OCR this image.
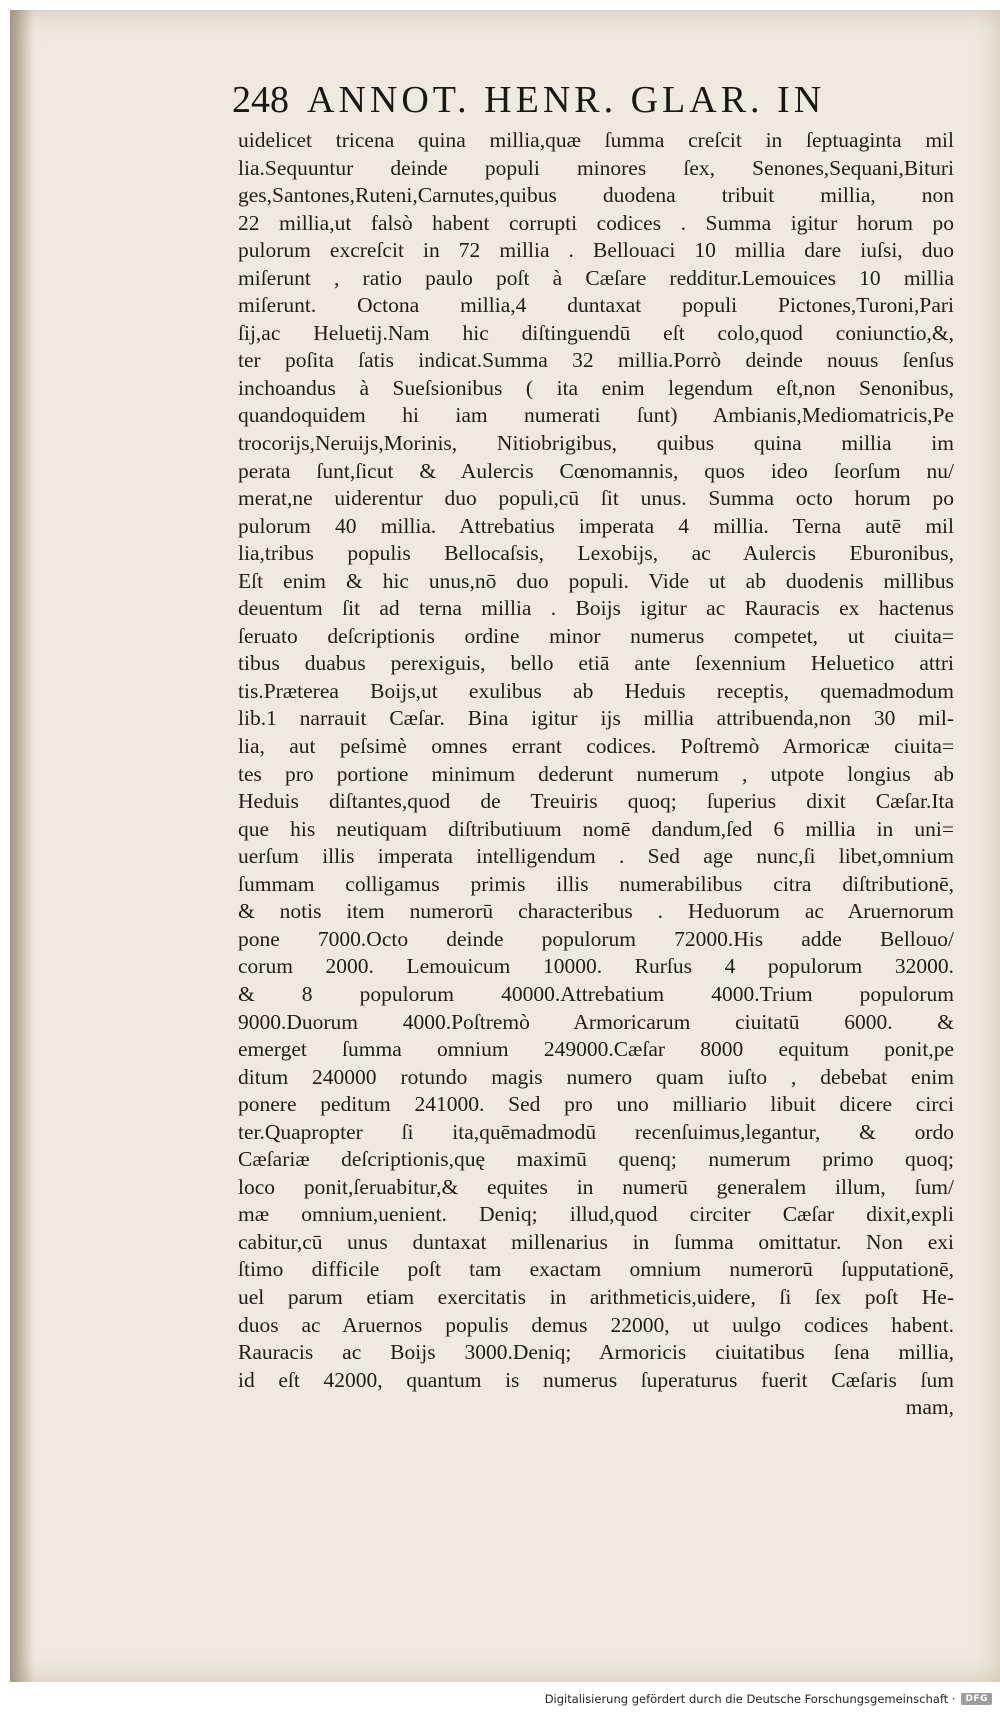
248 ANNOT. HENR. GLAR. IN
uidelicet tricena quina millia,quæ ſumma creſcit in ſeptuaginta mil
lia.Sequuntur deinde populi minores ſex, Senones,Sequani,Bituri
ges,Santones,Ruteni,Carnutes,quibus duodena tribuit millia, non
22 millia,ut falsò habent corrupti codices . Summa igitur horum po
pulorum excreſcit in 72 millia . Bellouaci 10 millia dare iuſsi, duo
miſerunt , ratio paulo poſt à Cæſare redditur.Lemouices 10 millia
miſerunt. Octona millia,4 duntaxat populi Pictones,Turoni,Pari
ſij,ac Heluetij.Nam hic diſtinguendū eſt colo,quod coniunctio,&,
ter poſita ſatis indicat.Summa 32 millia.Porrò deinde nouus ſenſus
inchoandus à Sueſsionibus ( ita enim legendum eſt,non Senonibus,
quandoquidem hi iam numerati ſunt) Ambianis,Mediomatricis,Pe
trocorijs,Neruijs,Morinis, Nitiobrigibus, quibus quina millia im
perata ſunt,ſicut & Aulercis Cœnomannis, quos ideo ſeorſum nu/
merat,ne uiderentur duo populi,cū ſit unus. Summa octo horum po
pulorum 40 millia. Attrebatius imperata 4 millia. Terna autē mil
lia,tribus populis Bellocaſsis, Lexobijs, ac Aulercis Eburonibus,
Eſt enim & hic unus,nō duo populi. Vide ut ab duodenis millibus
deuentum ſit ad terna millia . Boijs igitur ac Rauracis ex hactenus
ſeruato deſcriptionis ordine minor numerus competet, ut ciuita=
tibus duabus perexiguis, bello etiā ante ſexennium Heluetico attri
tis.Præterea Boijs,ut exulibus ab Heduis receptis, quemadmodum
lib.1 narrauit Cæſar. Bina igitur ijs millia attribuenda,non 30 mil-
lia, aut peſsimè omnes errant codices. Poſtremò Armoricæ ciuita=
tes pro portione minimum dederunt numerum , utpote longius ab
Heduis diſtantes,quod de Treuiris quoq; ſuperius dixit Cæſar.Ita
que his neutiquam diſtributiuum nomē dandum,ſed 6 millia in uni=
uerſum illis imperata intelligendum . Sed age nunc,ſi libet,omnium
ſummam colligamus primis illis numerabilibus citra diſtributionē,
& notis item numerorū characteribus . Heduorum ac Aruernorum
pone 7000.Octo deinde populorum 72000.His adde Bellouo/
corum 2000. Lemouicum 10000. Rurſus 4 populorum 32000.
& 8 populorum 40000.Attrebatium 4000.Trium populorum
9000.Duorum 4000.Poſtremò Armoricarum ciuitatū 6000. &
emerget ſumma omnium 249000.Cæſar 8000 equitum ponit,pe
ditum 240000 rotundo magis numero quam iuſto , debebat enim
ponere peditum 241000. Sed pro uno milliario libuit dicere circi
ter.Quapropter ſi ita,quēmadmodū recenſuimus,legantur, & ordo
Cæſariæ deſcriptionis,quę maximū quenq; numerum primo quoq;
loco ponit,ſeruabitur,& equites in numerū generalem illum, ſum/
mæ omnium,uenient. Deniq; illud,quod circiter Cæſar dixit,expli
cabitur,cū unus duntaxat millenarius in ſumma omittatur. Non exi
ſtimo difficile poſt tam exactam omnium numerorū ſupputationē,
uel parum etiam exercitatis in arithmeticis,uidere, ſi ſex poſt He-
duos ac Aruernos populis demus 22000, ut uulgo codices habent.
Rauracis ac Boijs 3000.Deniq; Armoricis ciuitatibus ſena millia,
id eſt 42000, quantum is numerus ſuperaturus fuerit Cæſaris ſum
mam,
Digitalisierung gefördert durch die Deutsche Forschungsgemeinschaft ·	DFG
